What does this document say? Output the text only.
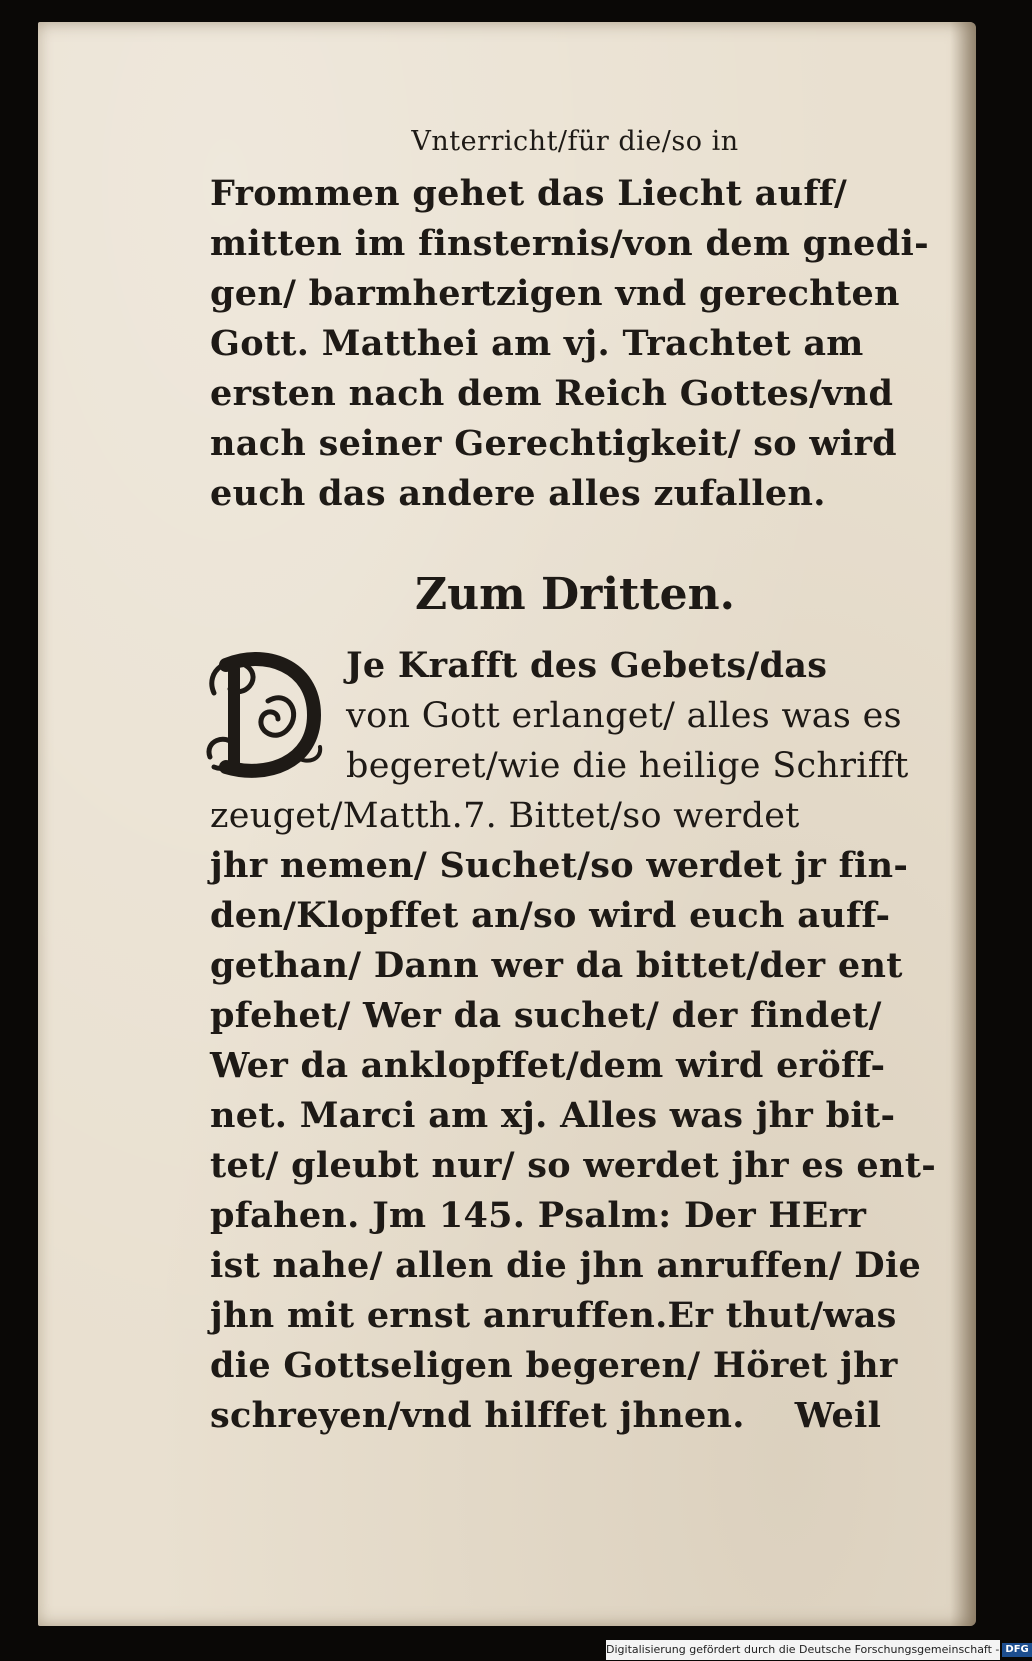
Vnterricht/für die/so in
Frommen gehet das Liecht auff/
mitten im finsternis/von dem gnedi-
gen/ barmhertzigen vnd gerechten
Gott. Matthei am vj. Trachtet am
ersten nach dem Reich Gottes/vnd
nach seiner Gerechtigkeit/ so wird
euch das andere alles zufallen.
Zum Dritten.
Je Krafft des Gebets/das
von Gott erlanget/ alles was es
begeret/wie die heilige Schrifft
zeuget/Matth.7. Bittet/so werdet
jhr nemen/ Suchet/so werdet jr fin-
den/Klopffet an/so wird euch auff-
gethan/ Dann wer da bittet/der ent
pfehet/ Wer da suchet/ der findet/
Wer da anklopffet/dem wird eröff-
net. Marci am xj. Alles was jhr bit-
tet/ gleubt nur/ so werdet jhr es ent-
pfahen. Jm 145. Psalm: Der HErr
ist nahe/ allen die jhn anruffen/ Die
jhn mit ernst anruffen.Er thut/was
die Gottseligen begeren/ Höret jhr
schreyen/vnd hilffet jhnen.    Weil
Digitalisierung gefördert durch die Deutsche Forschungsgemeinschaft - DFG
